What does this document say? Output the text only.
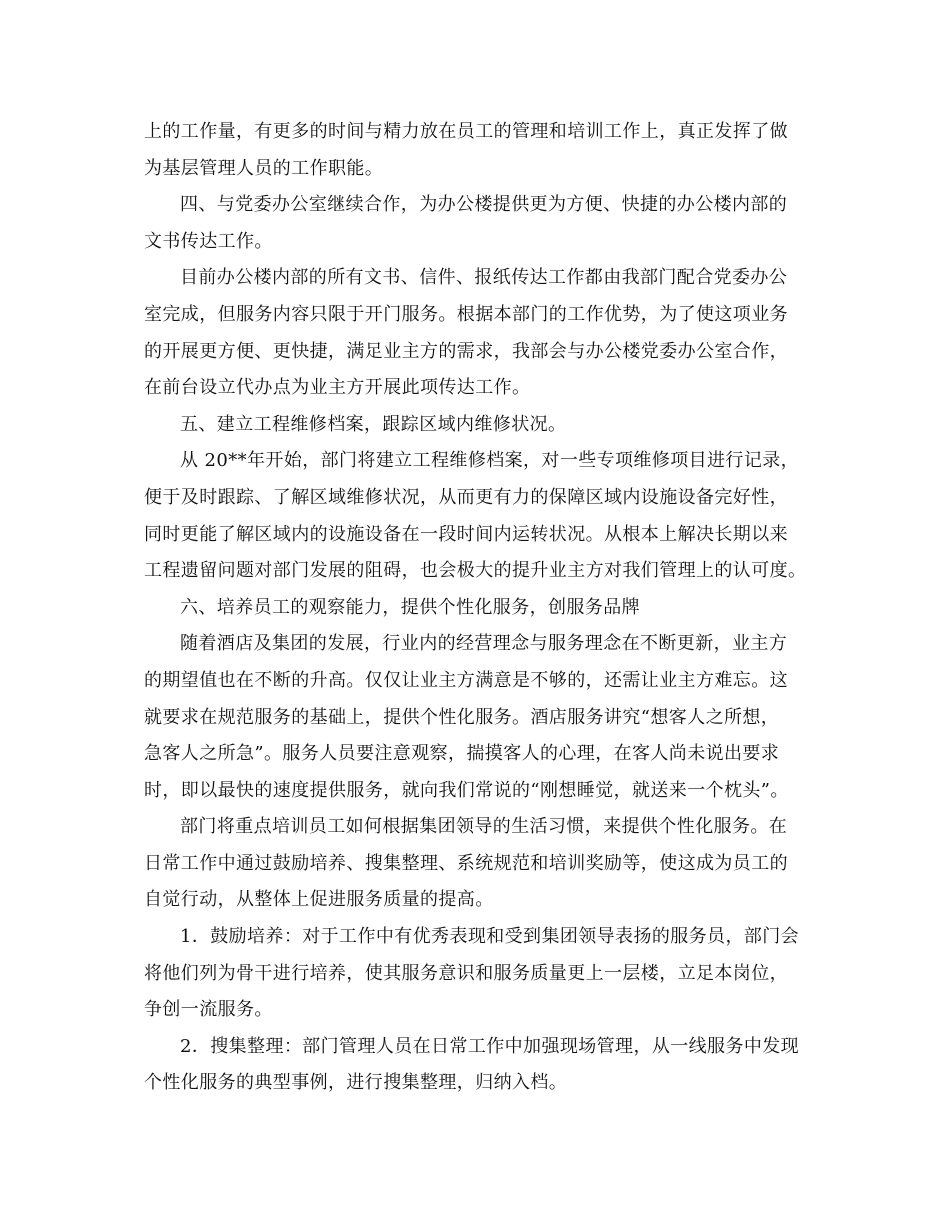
上的工作量，有更多的时间与精力放在员工的管理和培训工作上，真正发挥了做
为基层管理人员的工作职能。

四、与党委办公室继续合作，为办公楼提供更为方便、快捷的办公楼内部的
文书传达工作。

目前办公楼内部的所有文书、信件、报纸传达工作都由我部门配合党委办公
室完成，但服务内容只限于开门服务。根据本部门的工作优势，为了使这项业务
的开展更方便、更快捷，满足业主方的需求，我部会与办公楼党委办公室合作，
在前台设立代办点为业主方开展此项传达工作。

五、建立工程维修档案，跟踪区域内维修状况。

从 20**年开始，部门将建立工程维修档案，对一些专项维修项目进行记录，
便于及时跟踪、了解区域维修状况，从而更有力的保障区域内设施设备完好性，
同时更能了解区域内的设施设备在一段时间内运转状况。从根本上解决长期以来
工程遗留问题对部门发展的阻碍，也会极大的提升业主方对我们管理上的认可度。

六、培养员工的观察能力，提供个性化服务，创服务品牌

随着酒店及集团的发展，行业内的经营理念与服务理念在不断更新，业主方
的期望值也在不断的升高。仅仅让业主方满意是不够的，还需让业主方难忘。这
就要求在规范服务的基础上，提供个性化服务。酒店服务讲究“想客人之所想，
急客人之所急”。服务人员要注意观察，揣摸客人的心理，在客人尚未说出要求
时，即以最快的速度提供服务，就向我们常说的“刚想睡觉，就送来一个枕头”。

部门将重点培训员工如何根据集团领导的生活习惯，来提供个性化服务。在
日常工作中通过鼓励培养、搜集整理、系统规范和培训奖励等，使这成为员工的
自觉行动，从整体上促进服务质量的提高。

1．鼓励培养：对于工作中有优秀表现和受到集团领导表扬的服务员，部门会
将他们列为骨干进行培养，使其服务意识和服务质量更上一层楼，立足本岗位，
争创一流服务。

2．搜集整理：部门管理人员在日常工作中加强现场管理，从一线服务中发现
个性化服务的典型事例，进行搜集整理，归纳入档。
